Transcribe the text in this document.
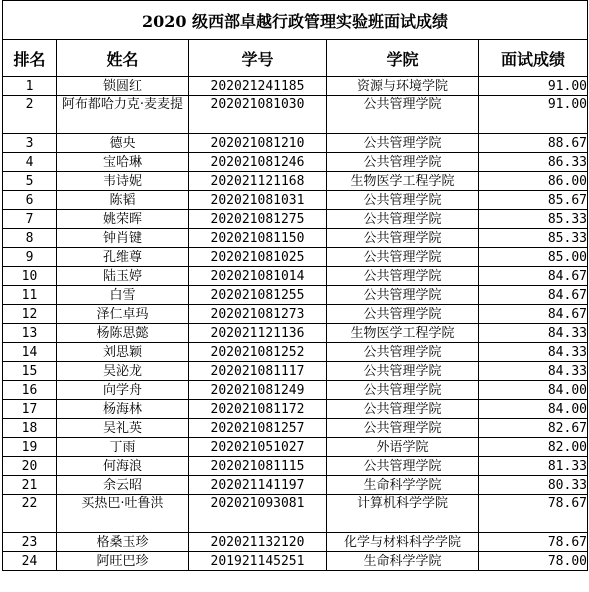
2020 级西部卓越行政管理实验班面试成绩				
排名	姓名	学号	学院	面试成绩
1	锁圆红	202021241185	资源与环境学院	91.00
2	阿布都哈力克·麦麦提	202021081030	公共管理学院	91.00
3	德央	202021081210	公共管理学院	88.67
4	宝哈琳	202021081246	公共管理学院	86.33
5	韦诗妮	202021121168	生物医学工程学院	86.00
6	陈韬	202021081031	公共管理学院	85.67
7	姚荣晖	202021081275	公共管理学院	85.33
8	钟肖键	202021081150	公共管理学院	85.33
9	孔维尊	202021081025	公共管理学院	85.00
10	陆玉婷	202021081014	公共管理学院	84.67
11	白雪	202021081255	公共管理学院	84.67
12	泽仁卓玛	202021081273	公共管理学院	84.67
13	杨陈思懿	202021121136	生物医学工程学院	84.33
14	刘思颖	202021081252	公共管理学院	84.33
15	吴泌龙	202021081117	公共管理学院	84.33
16	向学舟	202021081249	公共管理学院	84.00
17	杨海林	202021081172	公共管理学院	84.00
18	吴礼英	202021081257	公共管理学院	82.67
19	丁雨	202021051027	外语学院	82.00
20	何海浪	202021081115	公共管理学院	81.33
21	余云昭	202021141197	生命科学学院	80.33
22	买热巴·吐鲁洪	202021093081	计算机科学学院	78.67
23	格桑玉珍	202021132120	化学与材料科学学院	78.67
24	阿旺巴珍	201921145251	生命科学学院	78.00
